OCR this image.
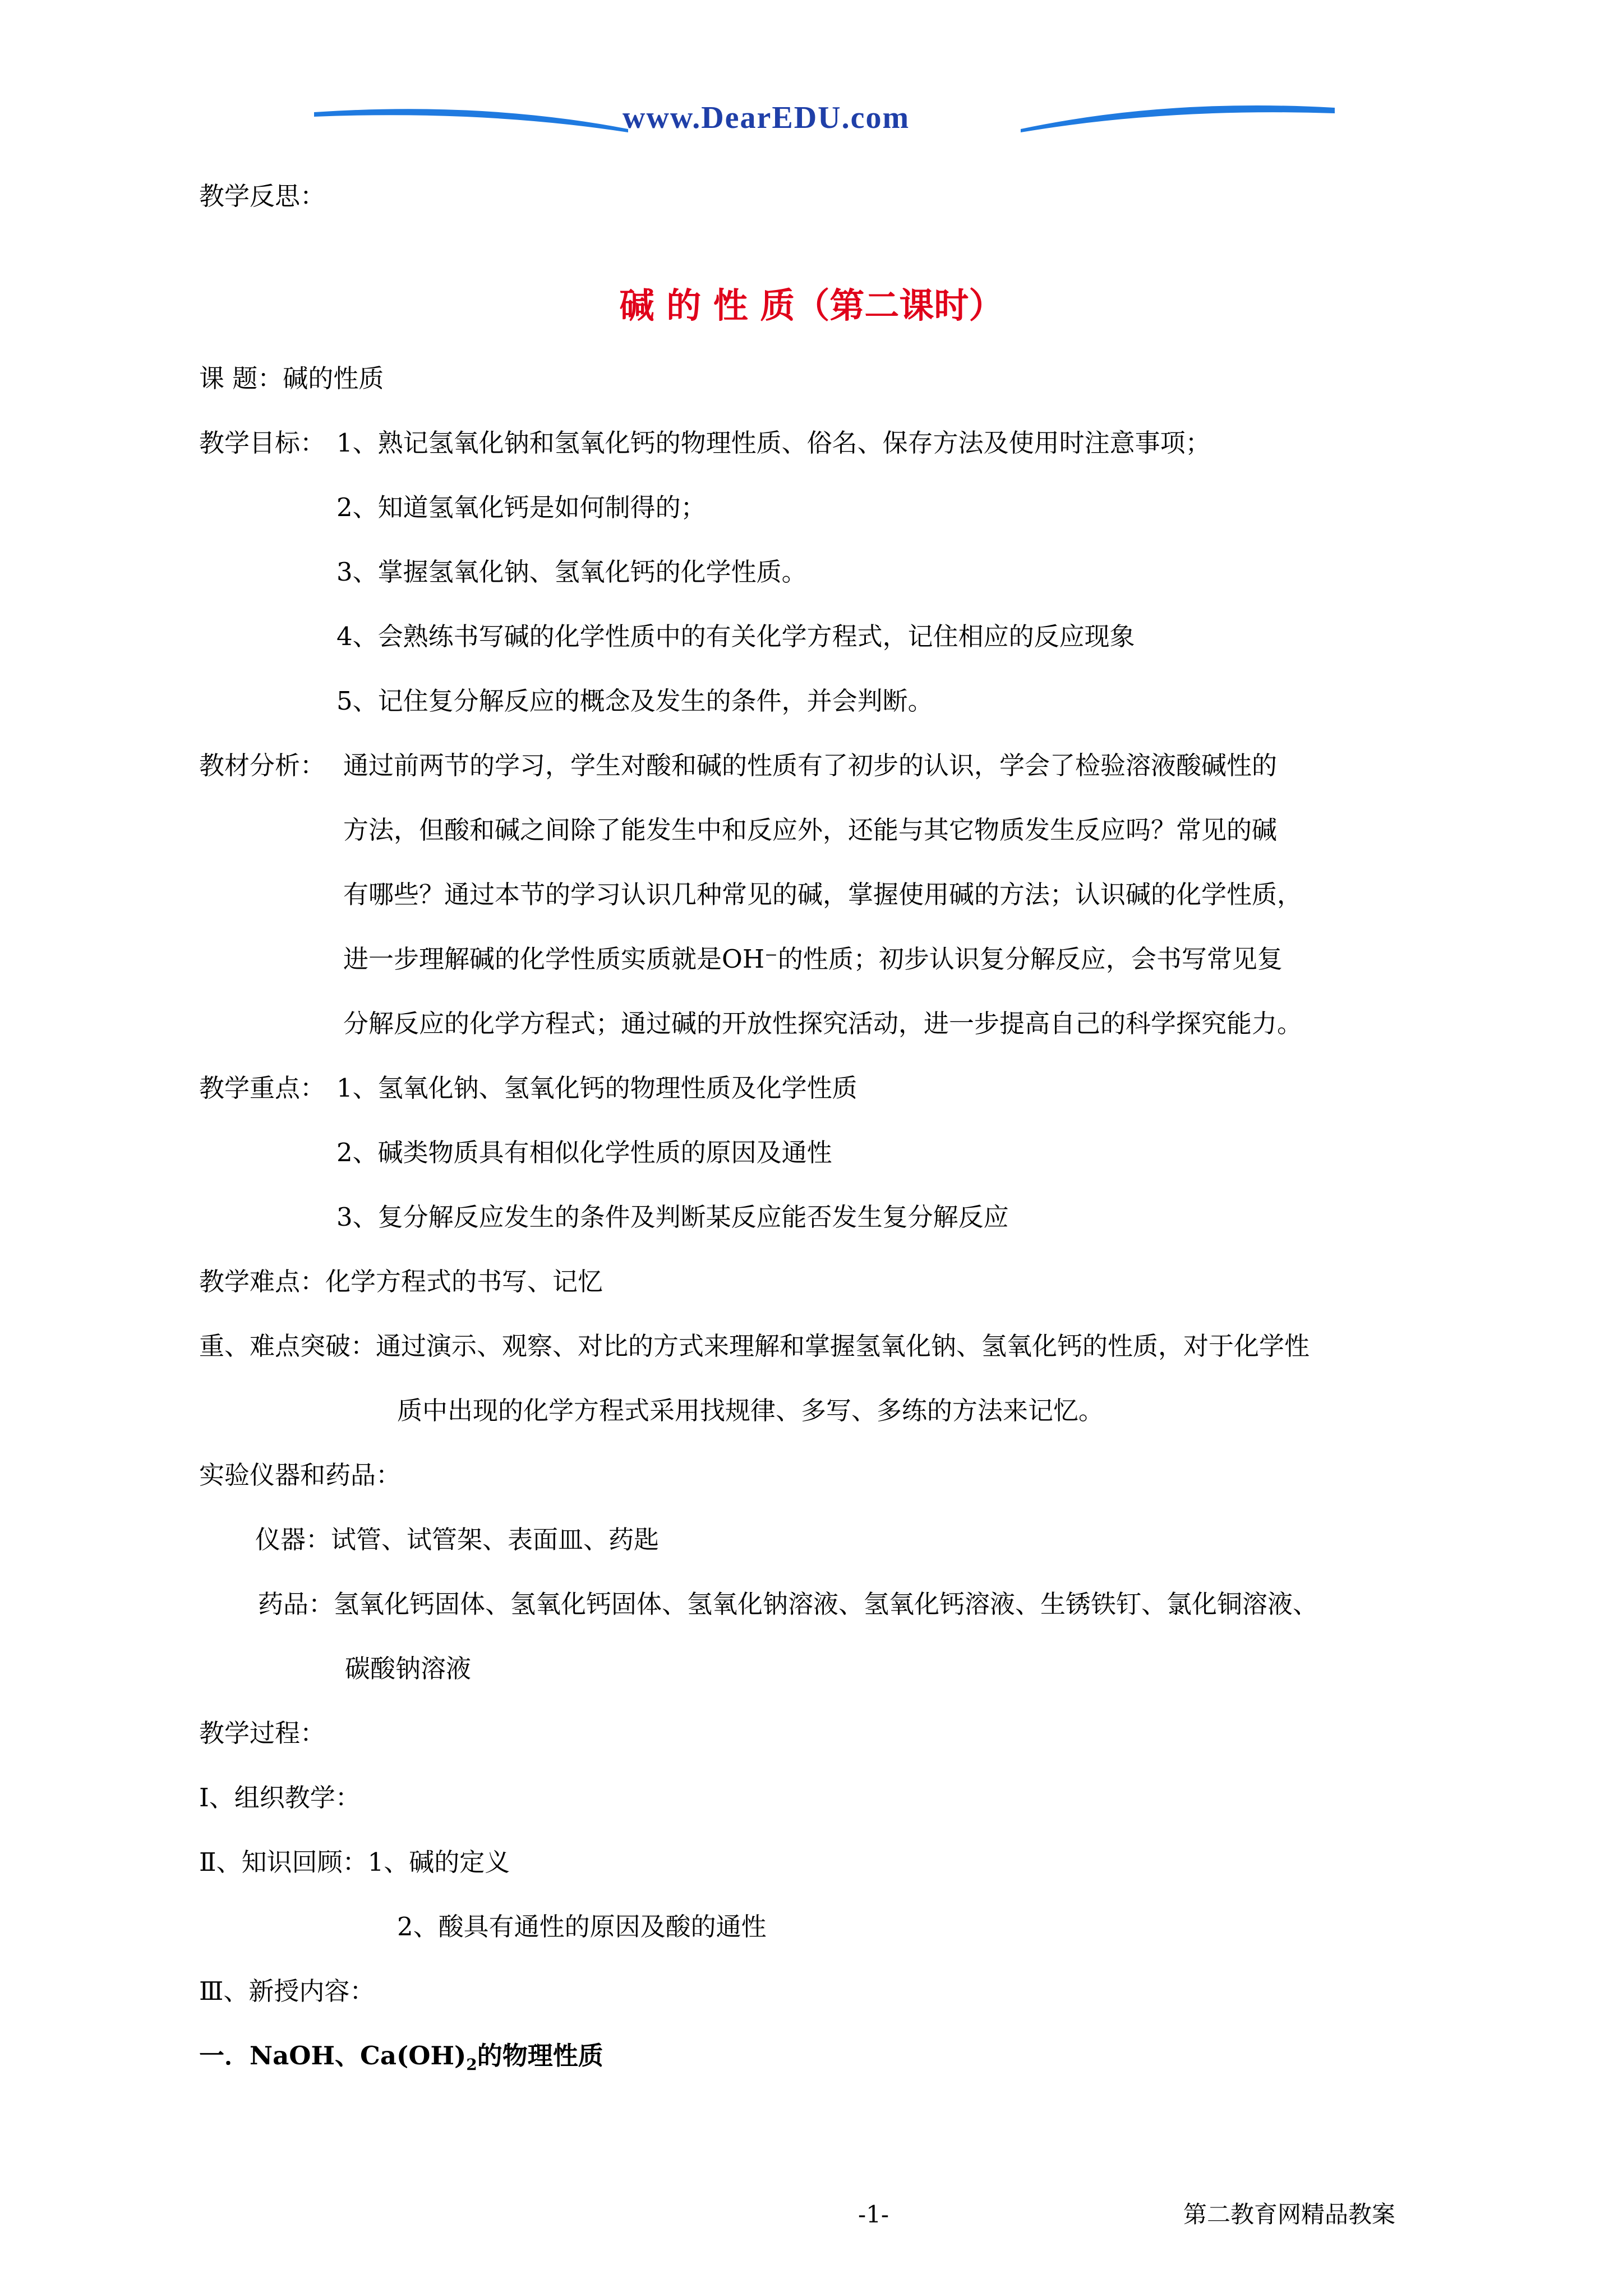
www.DearEDU.com
教学反思：
碱 的 性 质（第二课时）
课 题：碱的性质
教学目标： 1、熟记氢氧化钠和氢氧化钙的物理性质、俗名、保存方法及使用时注意事项；
2、知道氢氧化钙是如何制得的；
3、掌握氢氧化钠、氢氧化钙的化学性质。
4、会熟练书写碱的化学性质中的有关化学方程式，记住相应的反应现象
5、记住复分解反应的概念及发生的条件，并会判断。
教材分析： 通过前两节的学习，学生对酸和碱的性质有了初步的认识，学会了检验溶液酸碱性的
方法，但酸和碱之间除了能发生中和反应外，还能与其它物质发生反应吗？常见的碱
有哪些？通过本节的学习认识几种常见的碱，掌握使用碱的方法；认识碱的化学性质，
进一步理解碱的化学性质实质就是OH⁻的性质；初步认识复分解反应，会书写常见复
分解反应的化学方程式；通过碱的开放性探究活动，进一步提高自己的科学探究能力。
教学重点： 1、氢氧化钠、氢氧化钙的物理性质及化学性质
2、碱类物质具有相似化学性质的原因及通性
3、复分解反应发生的条件及判断某反应能否发生复分解反应
教学难点：化学方程式的书写、记忆
重、难点突破：通过演示、观察、对比的方式来理解和掌握氢氧化钠、氢氧化钙的性质，对于化学性
质中出现的化学方程式采用找规律、多写、多练的方法来记忆。
实验仪器和药品：
仪器：试管、试管架、表面皿、药匙
药品：氢氧化钙固体、氢氧化钙固体、氢氧化钠溶液、氢氧化钙溶液、生锈铁钉、氯化铜溶液、
碳酸钠溶液
教学过程：
Ⅰ、组织教学：
Ⅱ、知识回顾：1、碱的定义
2、酸具有通性的原因及酸的通性
Ⅲ、新授内容：
一．NaOH、$Ca(OH)_2$的物理性质
-1-	第二教育网精品教案
